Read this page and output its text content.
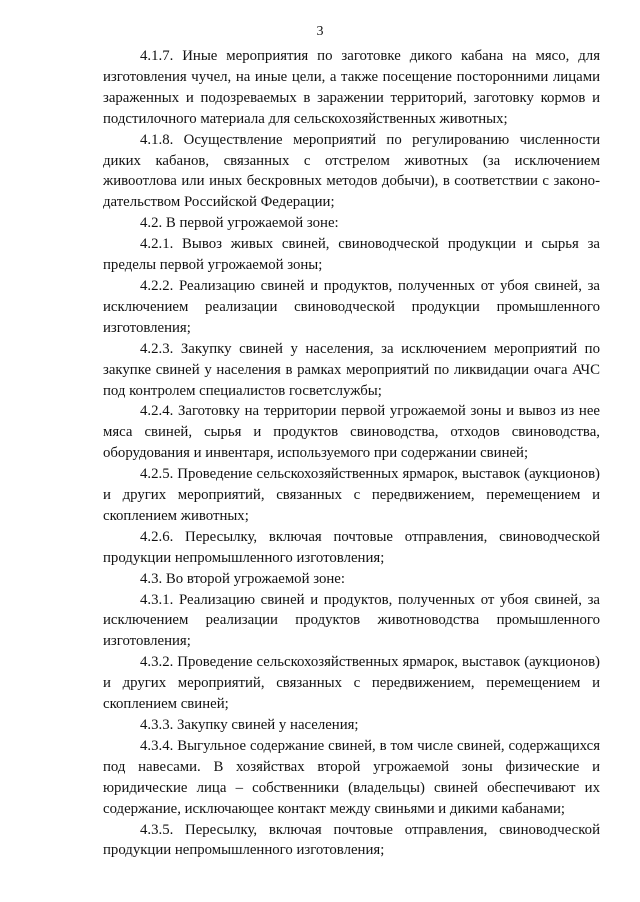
3

4.1.7. Иные мероприятия по заготовке дикого кабана на мясо, для изготовления чучел, на иные цели, а также посещение посторонними лицами зараженных и подозреваемых в заражении территорий, заготовку кормов и подстилочного материала для сельскохозяйственных животных;

4.1.8. Осуществление мероприятий по регулированию численности диких кабанов, связанных с отстрелом животных (за исключением живоотлова или иных бескровных методов добычи), в соответствии с законодательством Российской Федерации;

4.2. В первой угрожаемой зоне:

4.2.1. Вывоз живых свиней, свиноводческой продукции и сырья за пределы первой угрожаемой зоны;

4.2.2. Реализацию свиней и продуктов, полученных от убоя свиней, за исключением реализации свиноводческой продукции промышленного изготовления;

4.2.3. Закупку свиней у населения, за исключением мероприятий по закупке свиней у населения в рамках мероприятий по ликвидации очага АЧС под контролем специалистов госветслужбы;

4.2.4. Заготовку на территории первой угрожаемой зоны и вывоз из нее мяса свиней, сырья и продуктов свиноводства, отходов свиноводства, оборудования и инвентаря, используемого при содержании свиней;

4.2.5. Проведение сельскохозяйственных ярмарок, выставок (аукционов) и других мероприятий, связанных с передвижением, перемещением и скоплением животных;

4.2.6. Пересылку, включая почтовые отправления, свиноводческой продукции непромышленного изготовления;

4.3. Во второй угрожаемой зоне:

4.3.1. Реализацию свиней и продуктов, полученных от убоя свиней, за исключением реализации продуктов животноводства промышленного изготовления;

4.3.2. Проведение сельскохозяйственных ярмарок, выставок (аукционов) и других мероприятий, связанных с передвижением, перемещением и скоплением свиней;

4.3.3. Закупку свиней у населения;

4.3.4. Выгульное содержание свиней, в том числе свиней, содержащихся под навесами. В хозяйствах второй угрожаемой зоны физические и юридические лица – собственники (владельцы) свиней обеспечивают их содержание, исключающее контакт между свиньями и дикими кабанами;

4.3.5. Пересылку, включая почтовые отправления, свиноводческой продукции непромышленного изготовления;
